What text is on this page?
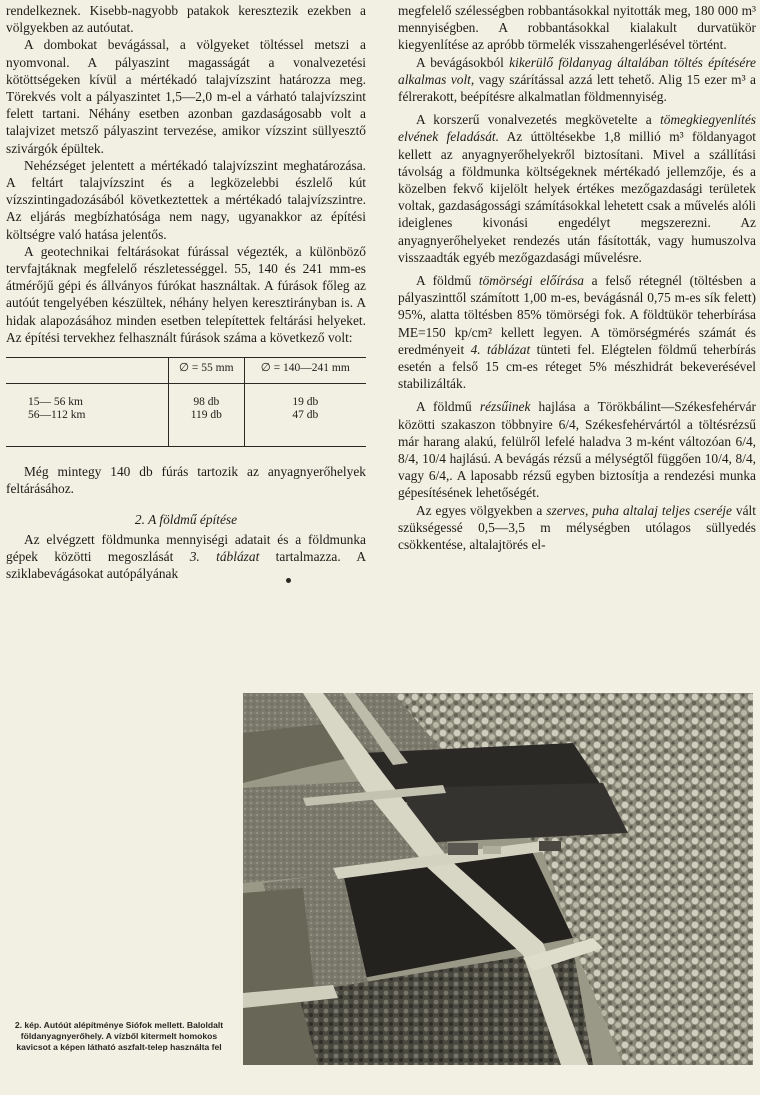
rendelkeznek. Kisebb-nagyobb patakok keresztezik ezekben a völgyekben az autóutat.

A dombokat bevágással, a völgyeket töltéssel metszi a nyomvonal. A pályaszint magasságát a vonalvezetési kötöttségeken kívül a mértékadó talajvízszint határozza meg. Törekvés volt a pályaszintet 1,5—2,0 m-el a várható talajvízszint felett tartani. Néhány esetben azonban gazdaságosabb volt a talajvizet metsző pályaszint tervezése, amikor vízszint süllyesztő szivárgók épültek.

Nehézséget jelentett a mértékadó talajvízszint meghatározása. A feltárt talajvízszint és a legközelebbi észlelő kút vízszintingadozásából következtettek a mértékadó talajvízszintre. Az eljárás megbízhatósága nem nagy, ugyanakkor az építési költségre való hatása jelentős.

A geotechnikai feltárásokat fúrással végezték, a különböző tervfajtáknak megfelelő részletességgel. 55, 140 és 241 mm-es átmérőjű gépi és állványos fúrókat használtak. A fúrások főleg az autóút tengelyében készültek, néhány helyen keresztirányban is. A hidak alapozásához minden esetben telepítettek feltárási helyeket. Az építési tervekhez felhasznált fúrások száma a következő volt:

	∅ = 55 mm	∅ = 140—241 mm
15— 56 km	98 db	19 db
56—112 km	119 db	47 db

Még mintegy 140 db fúrás tartozik az anyagnyerőhelyek feltárásához.

2. A földmű építése

Az elvégzett földmunka mennyiségi adatait és a földmunka gépek közötti megoszlását 3. táblázat tartalmazza. A sziklabevágásokat autópályának

megfelelő szélességben robbantásokkal nyitották meg, 180 000 m³ mennyiségben. A robbantásokkal kialakult durvatükör kiegyenlítése az apróbb törmelék visszahengerlésével történt.

A bevágásokból kikerülő földanyag általában töltés építésére alkalmas volt, vagy szárítással azzá lett tehető. Alig 15 ezer m³ a félrerakott, beépítésre alkalmatlan földmennyiség.

A korszerű vonalvezetés megkövetelte a tömegkiegyenlítés elvének feladását. Az úttöltésekbe 1,8 millió m³ földanyagot kellett az anyagnyerőhelyekről biztosítani. Mivel a szállítási távolság a földmunka költségeknek mértékadó jellemzője, és a közelben fekvő kijelölt helyek értékes mezőgazdasági területek voltak, gazdaságossági számításokkal lehetett csak a művelés alóli ideiglenes kivonási engedélyt megszerezni. Az anyagnyerőhelyeket rendezés után fásították, vagy humuszolva visszaadták egyéb mezőgazdasági művelésre.

A földmű tömörségi előírása a felső rétegnél (töltésben a pályaszinttől számított 1,00 m-es, bevágásnál 0,75 m-es sík felett) 95%, alatta töltésben 85% tömörségi fok. A földtükör teherbírása ME=150 kp/cm² kellett legyen. A tömörségmérés számát és eredményeit 4. táblázat tünteti fel. Elégtelen földmű teherbírás esetén a felső 15 cm-es réteget 5% mészhidrát bekeverésével stabilizálták.

A földmű rézsűinek hajlása a Törökbálint—Székesfehérvár közötti szakaszon többnyire 6/4, Székesfehérvártól a töltésrézsű már harang alakú, felülről lefelé haladva 3 m-ként változóan 6/4, 8/4, 10/4 hajlású. A bevágás rézsű a mélységtől függően 10/4, 8/4, vagy 6/4,. A laposabb rézsű egyben biztosítja a rendezési munka gépesítésének lehetőségét.

Az egyes völgyekben a szerves, puha altalaj teljes cseréje vált szükségessé 0,5—3,5 m mélységben utólagos süllyedés csökkentése, altalajtörés el-

2. kép. Autóút alépítménye Siófok mellett. Baloldalt földanyagnyerőhely. A vízből kitermelt homokos kavicsot a képen látható aszfalt-telep használta fel
